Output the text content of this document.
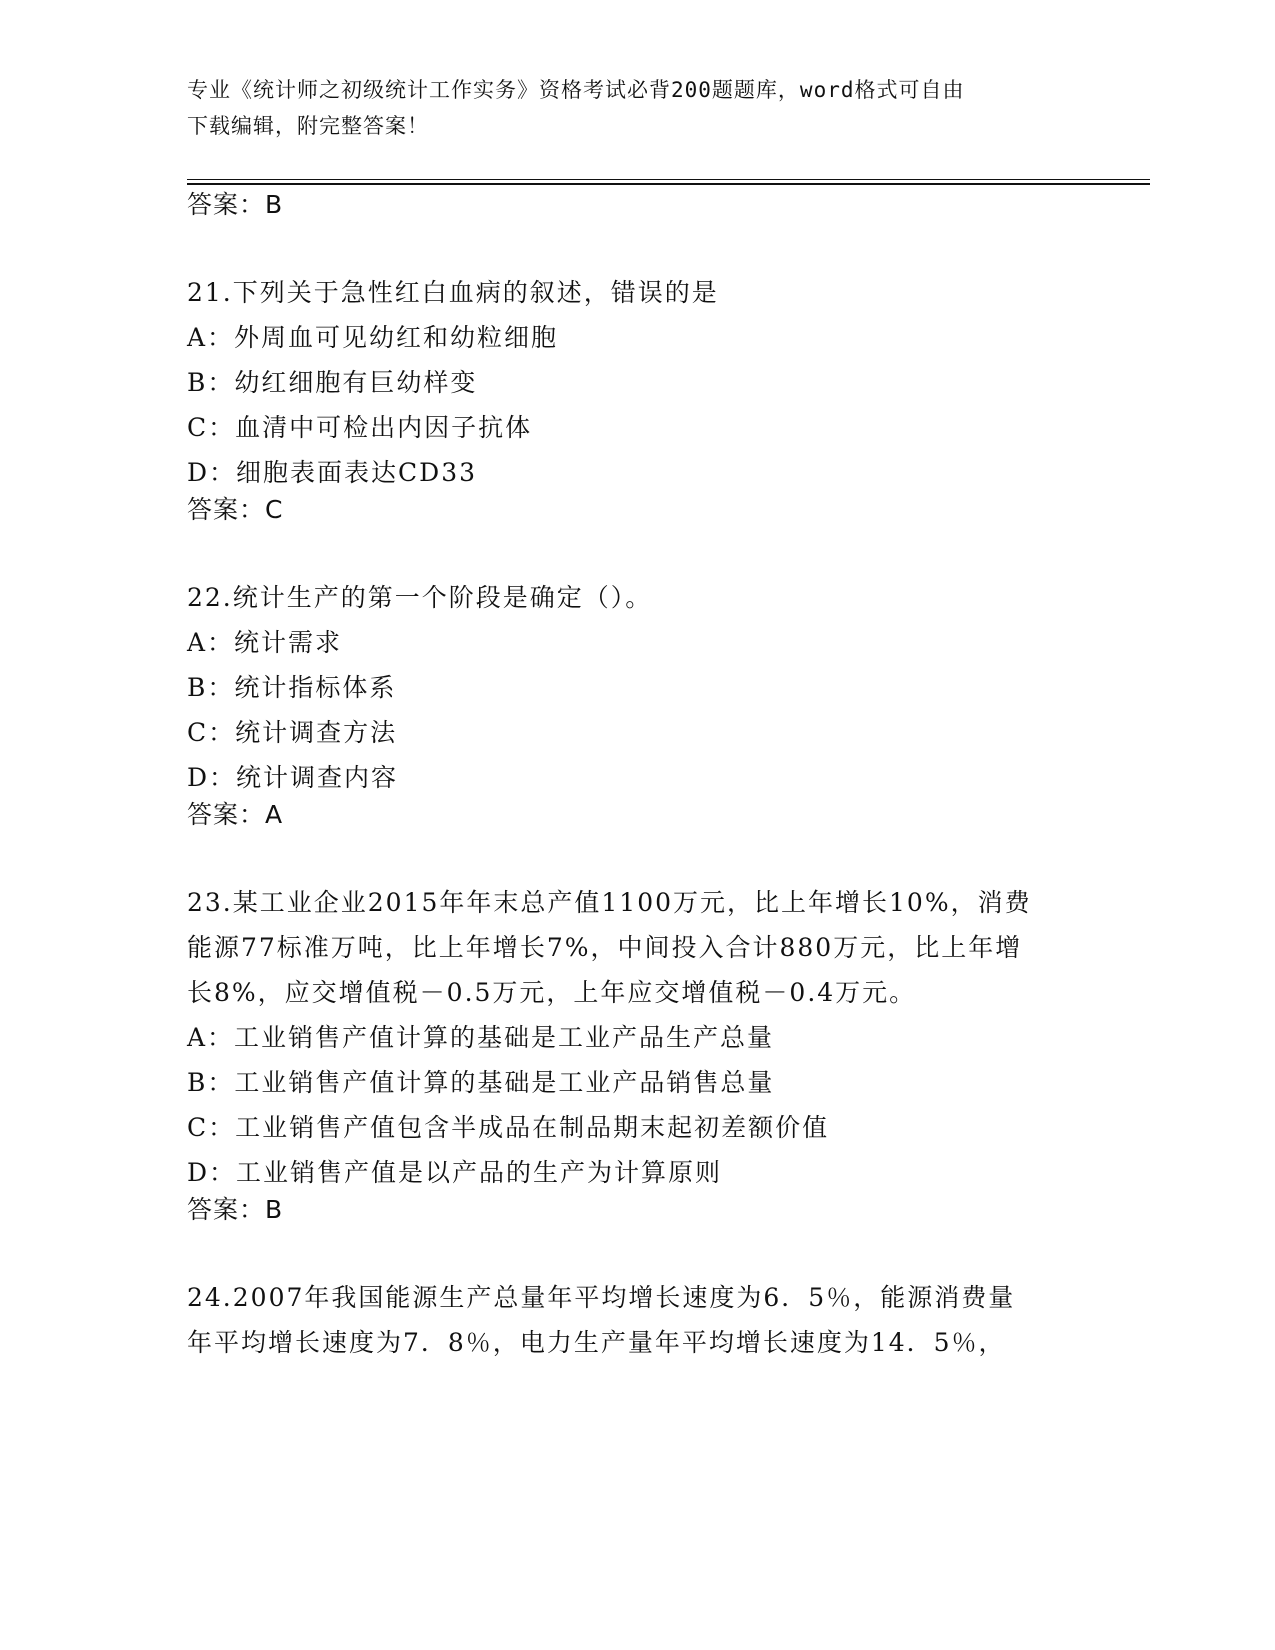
专业《统计师之初级统计工作实务》资格考试必背200题题库，word格式可自由
下载编辑，附完整答案！
答案：B
21.下列关于急性红白血病的叙述，错误的是
A：外周血可见幼红和幼粒细胞
B：幼红细胞有巨幼样变
C：血清中可检出内因子抗体
D：细胞表面表达CD33
答案：C
22.统计生产的第一个阶段是确定（）。
A：统计需求
B：统计指标体系
C：统计调查方法
D：统计调查内容
答案：A
23.某工业企业2015年年末总产值1100万元，比上年增长10%，消费
能源77标准万吨，比上年增长7%，中间投入合计880万元，比上年增
长8%，应交增值税－0.5万元，上年应交增值税－0.4万元。
A：工业销售产值计算的基础是工业产品生产总量
B：工业销售产值计算的基础是工业产品销售总量
C：工业销售产值包含半成品在制品期末起初差额价值
D：工业销售产值是以产品的生产为计算原则
答案：B
24.2007年我国能源生产总量年平均增长速度为6．5％，能源消费量
年平均增长速度为7．8％，电力生产量年平均增长速度为14．5％，
